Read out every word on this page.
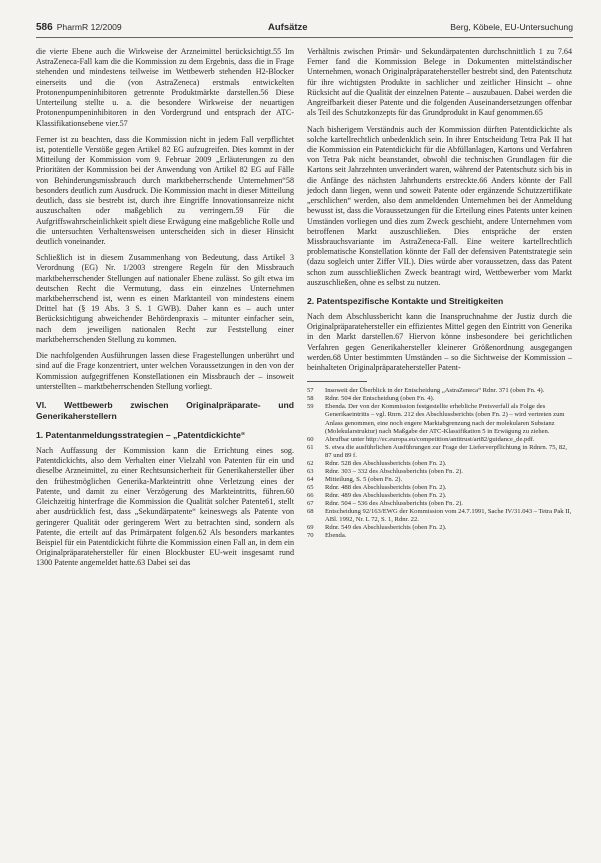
586 PharmR 12/2009	Aufsätze	Berg, Köbele, EU-Untersuchung

die vierte Ebene auch die Wirkweise der Arzneimittel berücksichtigt.55 Im AstraZeneca-Fall kam die die Kommission zu dem Ergebnis, dass die in Frage stehenden und mindestens teilweise im Wettbewerb stehenden H2-Blocker einerseits und die (von AstraZeneca) erstmals entwickelten Protonenpumpeninhibitoren getrennte Produktmärkte darstellen.56 Diese Unterteilung stellte u. a. die besondere Wirkweise der neuartigen Protonenpumpeninhibitoren in den Vordergrund und entsprach der ATC-Klassifikationsebene vier.57

Ferner ist zu beachten, dass die Kommission nicht in jedem Fall verpflichtet ist, potentielle Verstöße gegen Artikel 82 EG aufzugreifen. Dies kommt in der Mitteilung der Kommission vom 9. Februar 2009 „Erläuterungen zu den Prioritäten der Kommission bei der Anwendung von Artikel 82 EG auf Fälle von Behinderungsmissbrauch durch marktbeherrschende Unternehmen“58 besonders deutlich zum Ausdruck. Die Kommission macht in dieser Mitteilung deutlich, dass sie bestrebt ist, durch ihre Eingriffe Innovationsanreize nicht auszuschalten oder maßgeblich zu verringern.59 Für die Aufgriffswahrscheinlichkeit spielt diese Erwägung eine maßgebliche Rolle und die untersuchten Verhaltensweisen unterscheiden sich in dieser Hinsicht deutlich voneinander.

Schließlich ist in diesem Zusammenhang von Bedeutung, dass Artikel 3 Verordnung (EG) Nr. 1/2003 strengere Regeln für den Missbrauch marktbeherrschender Stellungen auf nationaler Ebene zulässt. So gilt etwa im deutschen Recht die Vermutung, dass ein einzelnes Unternehmen marktbeherrschend ist, wenn es einen Marktanteil von mindestens einem Drittel hat (§ 19 Abs. 3 S. 1 GWB). Daher kann es – auch unter Berücksichtigung abweichender Behördenpraxis – mitunter einfacher sein, nach dem jeweiligen nationalen Recht zur Feststellung einer marktbeherrschenden Stellung zu kommen.

Die nachfolgenden Ausführungen lassen diese Fragestellungen unberührt und sind auf die Frage konzentriert, unter welchen Voraussetzungen in den von der Kommission aufgegriffenen Konstellationen ein Missbrauch der – insoweit unterstellten – marktbeherrschenden Stellung vorliegt.

VI. Wettbewerb zwischen Originalpräparate- und Generikaherstellern
1. Patentanmeldungsstrategien – „Patentdickichte“

Nach Auffassung der Kommission kann die Errichtung eines sog. Patentdickichts, also dem Verhalten einer Vielzahl von Patenten für ein und dieselbe Arzneimittel, zu einer Rechtsunsicherheit für Generikahersteller über den frühestmöglichen Generika-Markteintritt ohne Verletzung eines der Patente, und damit zu einer Verzögerung des Markteintritts, führen.60 Gleichzeitig hinterfrage die Kommission die Qualität solcher Patente61, stellt aber ausdrücklich fest, dass „Sekundärpatente“ keineswegs als Patente von geringerer Qualität oder geringerem Wert zu betrachten sind, sondern als Patente, die erteilt auf das Primärpatent folgen.62 Als besonders markantes Beispiel für ein Patentdickicht führte die Kommission einen Fall an, in dem ein Originalpräparatehersteller für einen Blockbuster EU-weit insgesamt rund 1300 Patente angemeldet hatte.63 Dabei sei das

Verhältnis zwischen Primär- und Sekundärpatenten durchschnittlich 1 zu 7.64 Ferner fand die Kommission Belege in Dokumenten mittelständischer Unternehmen, wonach Originalpräparatehersteller bestrebt sind, den Patentschutz für ihre wichtigsten Produkte in sachlicher und zeitlicher Hinsicht – ohne Rücksicht auf die Qualität der einzelnen Patente – auszubauen. Dabei werden die Angreifbarkeit dieser Patente und die folgenden Auseinandersetzungen offenbar als Teil des Schutzkonzepts für das Grundprodukt in Kauf genommen.65

Nach bisherigem Verständnis auch der Kommission dürften Patentdickichte als solche kartellrechtlich unbedenklich sein. In ihrer Entscheidung Tetra Pak II hat die Kommission ein Patentdickicht für die Abfüllanlagen, Kartons und Verfahren von Tetra Pak nicht beanstandet, obwohl die technischen Grundlagen für die Kartons seit Jahrzehnten unverändert waren, während der Patentschutz sich bis in die Anfänge des nächsten Jahrhunderts erstreckte.66 Anders könnte der Fall jedoch dann liegen, wenn und soweit Patente oder ergänzende Schutzzertifikate „erschlichen“ werden, also dem anmeldenden Unternehmen bei der Anmeldung bewusst ist, dass die Voraussetzungen für die Erteilung eines Patents unter keinen Umständen vorliegen und dies zum Zweck geschieht, andere Unternehmen vom betroffenen Markt auszuschließen. Dies entspräche der ersten Missbrauchsvariante im AstraZeneca-Fall. Eine weitere kartellrechtlich problematische Konstellation könnte der Fall der defensiven Patentstrategie sein (dazu sogleich unter Ziffer VII.). Dies würde aber voraussetzen, dass das Patent schon zum ausschließlichen Zweck beantragt wird, Wettbewerber vom Markt auszuschließen, ohne es selbst zu nutzen.

2. Patentspezifische Kontakte und Streitigkeiten

Nach dem Abschlussbericht kann die Inanspruchnahme der Justiz durch die Originalpräparatehersteller ein effizientes Mittel gegen den Eintritt von Generika in den Markt darstellen.67 Hiervon könne insbesondere bei gerichtlichen Verfahren gegen Generikahersteller kleinerer Größenordnung ausgegangen werden.68 Unter bestimmten Umständen – so die Sichtweise der Kommission – beinhalteten Originalpräparatehersteller Patent-

57	Insoweit der Überblick in der Entscheidung „AstraZeneca“ Rdnr. 371 (oben Fn. 4).
58	Rdnr. 504 der Entscheidung (oben Fn. 4).
59	Ebenda. Der von der Kommission festgestellte erhebliche Preisverfall als Folge des Generikaeintritts – vgl. Rnrn. 212 des Abschlussberichts (oben Fn. 2) – wird vertreten zum Anlass genommen, eine noch engere Marktabgrenzung nach der molekularen Substanz (Molekularstruktur) nach Maßgabe der ATC-Klassifikation 5 in Erwägung zu ziehen.
60	Abrufbar unter http://ec.europa.eu/competition/antitrust/art82/guidance_de.pdf.
61	S. etwa die ausführlichen Ausführungen zur Frage der Lieferverpflichtung in Rdnrn. 75, 82, 87 und 89 f.
62	Rdnr. 528 des Abschlussberichts (oben Fn. 2).
63	Rdnr. 303 – 332 des Abschlussberichts (oben Fn. 2).
64	Mitteilung, S. 5 (oben Fn. 2).
65	Rdnr. 488 des Abschlussberichts (oben Fn. 2).
66	Rdnr. 489 des Abschlussberichts (oben Fn. 2).
67	Rdnr. 504 – 536 des Abschlussberichts (oben Fn. 2).
68	Entscheidung 92/163/EWG der Kommission vom 24.7.1991, Sache IV/31.043 – Tetra Pak II, ABl. 1992, Nr. L 72, S. 1, Rdnr. 22.
69	Rdnr. 549 des Abschlussberichts (oben Fn. 2).
70	Ebenda.
